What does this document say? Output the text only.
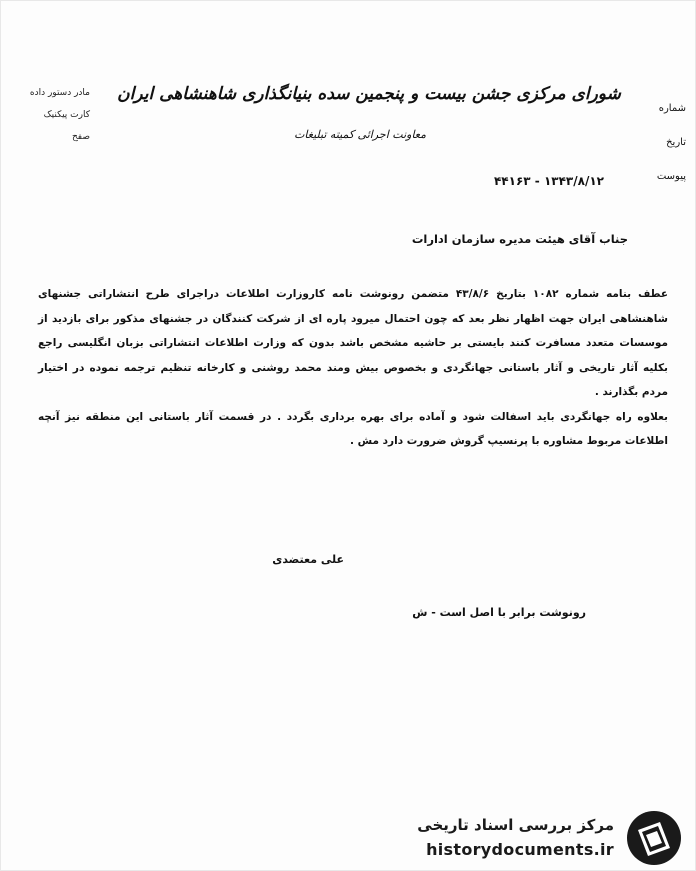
مادر دستور داده
کارت پیکنیک
صفح
شماره
تاریخ
پیوست
شورای مرکزی جشن بیست و پنجمین سده بنیانگذاری شاهنشاهی ایران
معاونت اجرائی کمیته تبلیغات
۱۳۴۳/۸/۱۲ - ۴۴۱۶۳
جناب آقای هیئت مدیره سازمان ادارات

عطف بنامه شماره ۱۰۸۲ بتاریخ ۴۳/۸/۶ متضمن رونوشت نامه کاروزارت اطلاعات دراجرای طرح انتشاراتی جشنهای شاهنشاهی ایران جهت اظهار نظر بعد که چون احتمال میرود پاره ای از شرکت کنندگان در جشنهای مذکور برای بازدید از موسسات متعدد مسافرت کنند بایستی بر حاشیه مشخص باشد بدون که وزارت اطلاعات انتشاراتی بزبان انگلیسی راجع بکلیه آثار تاریخی و آثار باستانی جهانگردی و بخصوص بیش ومند محمد روشنی و کارخانه تنظیم ترجمه نموده در اختیار مردم بگذارند .

بعلاوه راه جهانگردی باید اسفالت شود و آماده برای بهره برداری بگردد . در قسمت آثار باستانی این منطقه نیز آنچه اطلاعات مربوط مشاوره با پرنسیپ گروش ضرورت دارد مش .

علی معتضدی
رونوشت برابر با اصل است - ش
مرکز بررسی اسناد تاریخی
historydocuments.ir
